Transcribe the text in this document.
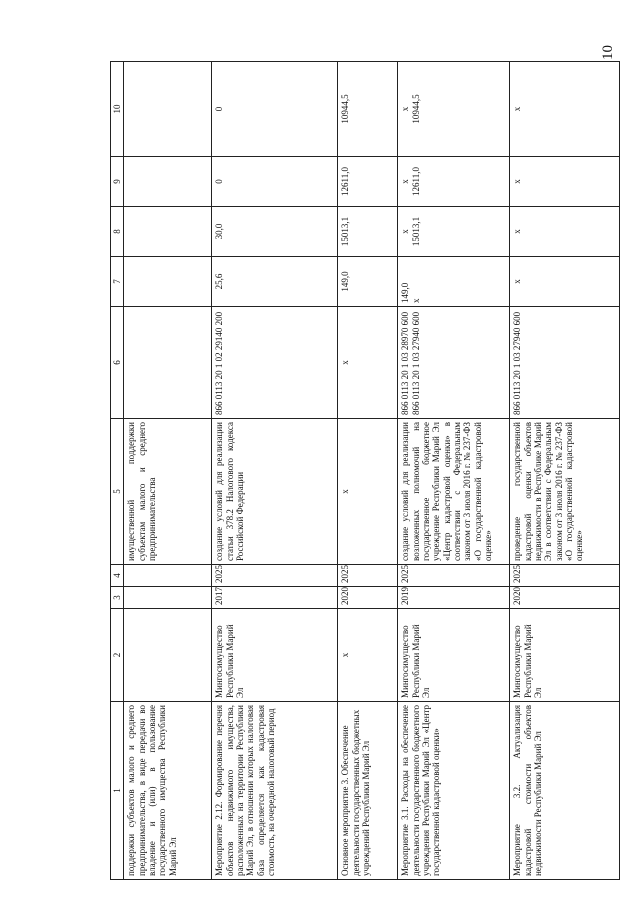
10
1	2	3	4	5	6	7	8	9	10
поддержки субъектов малого и среднего предпринимательства, в виде передачи во владение и (или) в пользование государственного имущества Республики Марий Эл				имущественной поддержки субъектам малого и среднего предпринимательства					
Мероприятие 2.12. Формирование перечня объектов недвижимого имущества, расположенных на территории Республики Марий Эл, в отношении которых налоговая база определяется как кадастровая стоимость, на очередной налоговый период	Мингосимущество Республики Марий Эл	2017	2025	создание условий для реализации статьи 378.2 Налогового кодекса Российской Федерации	866 0113 20 1 02 29140 200	25,6	30,0	0	0
Основное мероприятие 3. Обеспечение деятельности государственных бюджетных учреждений Республики Марий Эл	х	2020	2025	х	х	149,0	15013,1	12611,0	10944,5
Мероприятие 3.1. Расходы на обеспечение деятельности государственного бюджетного учреждения Республики Марий Эл «Центр государственной кадастровой оценки»	Мингосимущество Республики Марий Эл	2019	2025	создание условий для реализации возложенных полномочий на государственное бюджетное учреждение Республики Марий Эл «Центр кадастровой оценки» в соответствии с Федеральным законом от 3 июля 2016 г. № 237-ФЗ «О государственной кадастровой оценке»	866 0113 20 1 03 28970 600 866 0113 20 1 03 27940 600	149,0 х	х 15013,1	х 12611,0	х 10944,5

Мероприятие 3.2. Актуализация кадастровой стоимости объектов недвижимости Республики Марий Эл	Мингосимущество Республики Марий Эл	2020	2025	проведение государственной кадастровой оценки объектов недвижимости в Республике Марий Эл в соответствии с Федеральным законом от 3 июля 2016 г. № 237-ФЗ «О государственной кадастровой оценке»	866 0113 20 1 03 27940 600	х	х	х	х
